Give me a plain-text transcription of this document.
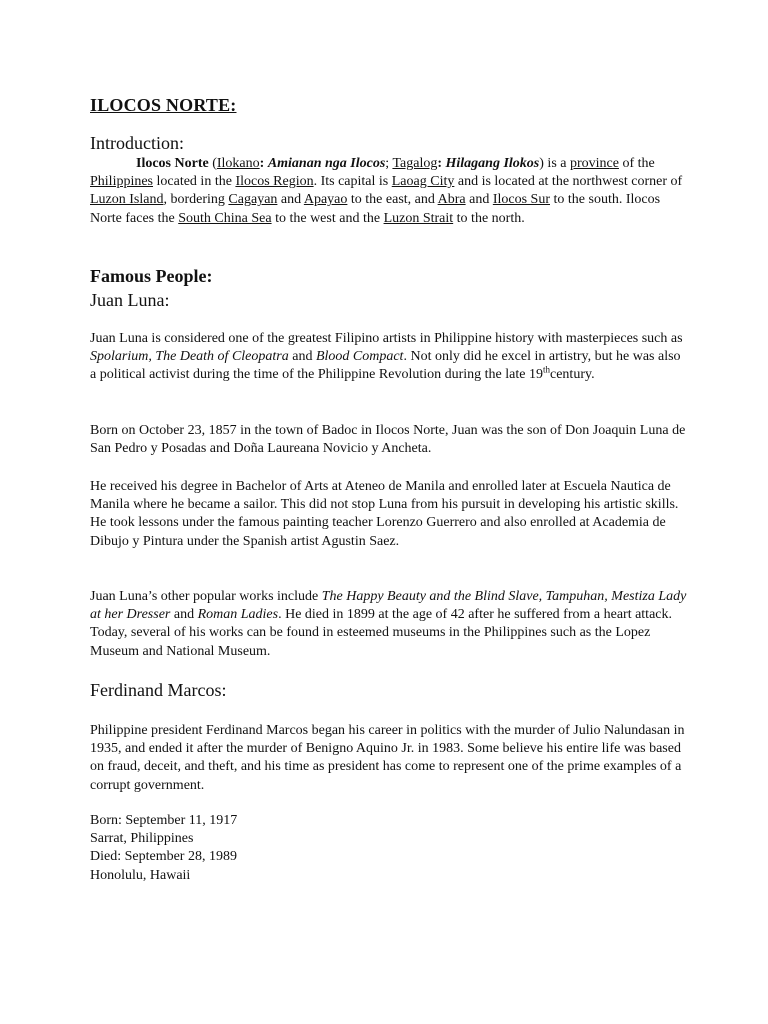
ILOCOS NORTE:
Introduction:

Ilocos Norte (Ilokano: Amianan nga Ilocos; Tagalog: Hilagang Ilokos) is a province of the Philippines located in the Ilocos Region. Its capital is Laoag City and is located at the northwest corner of Luzon Island, bordering Cagayan and Apayao to the east, and Abra and Ilocos Sur to the south. Ilocos Norte faces the South China Sea to the west and the Luzon Strait to the north.

Famous People:
Juan Luna:

Juan Luna is considered one of the greatest Filipino artists in Philippine history with masterpieces such as Spolarium, The Death of Cleopatra and Blood Compact. Not only did he excel in artistry, but he was also a political activist during the time of the Philippine Revolution during the late 19thcentury.

Born on October 23, 1857 in the town of Badoc in Ilocos Norte, Juan was the son of Don Joaquin Luna de San Pedro y Posadas and Doña Laureana Novicio y Ancheta.

He received his degree in Bachelor of Arts at Ateneo de Manila and enrolled later at Escuela Nautica de Manila where he became a sailor. This did not stop Luna from his pursuit in developing his artistic skills. He took lessons under the famous painting teacher Lorenzo Guerrero and also enrolled at Academia de Dibujo y Pintura under the Spanish artist Agustin Saez.

Juan Luna’s other popular works include The Happy Beauty and the Blind Slave, Tampuhan, Mestiza Lady at her Dresser and Roman Ladies. He died in 1899 at the age of 42 after he suffered from a heart attack. Today, several of his works can be found in esteemed museums in the Philippines such as the Lopez Museum and National Museum.

Ferdinand Marcos:

Philippine president Ferdinand Marcos began his career in politics with the murder of Julio Nalundasan in 1935, and ended it after the murder of Benigno Aquino Jr. in 1983. Some believe his entire life was based on fraud, deceit, and theft, and his time as president has come to represent one of the prime examples of a corrupt government.

Born: September 11, 1917

Sarrat, Philippines

Died: September 28, 1989

Honolulu, Hawaii
